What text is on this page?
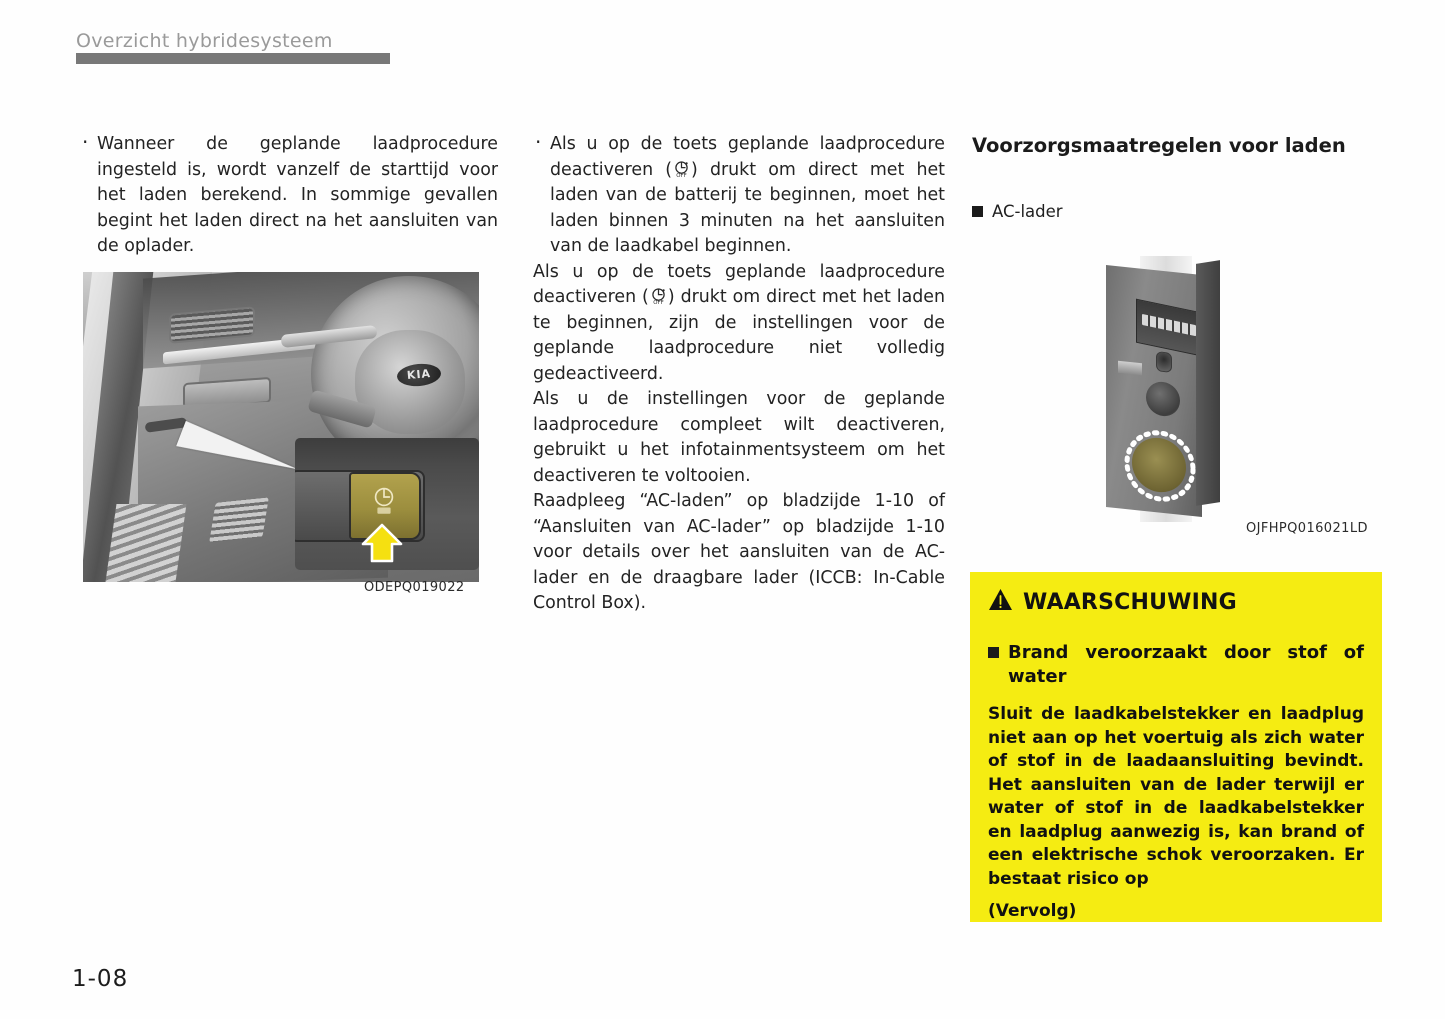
Overzicht hybridesysteem

· Wanneer de geplande laadprocedure ingesteld is, wordt vanzelf de starttijd voor het laden berekend. In sommige gevallen begint het laden direct na het aansluiten van de oplader.

KIA
ODEPQ019022

· Als u op de toets geplande laadprocedure deactiveren ( OFF ) drukt om direct met het laden van de batterij te beginnen, moet het laden binnen 3 minuten na het aansluiten van de laadkabel beginnen.

Als u op de toets geplande laadprocedure deactiveren ( OFF ) drukt om direct met het laden te beginnen, zijn de instellingen voor de geplande laadprocedure niet volledig gedeactiveerd.

Als u de instellingen voor de geplande laadprocedure compleet wilt deactiveren, gebruikt u het infotainmentsysteem om het deactiveren te voltooien.

Raadpleeg “AC-laden” op bladzijde 1-10 of “Aansluiten van AC-lader” op bladzijde 1-10 voor details over het aansluiten van de AC-lader en de draagbare lader (ICCB: In-Cable Control Box).

Voorzorgsmaatregelen voor laden
AC-lader
OJFHPQ016021LD
WAARSCHUWING
Brand veroorzaakt door stof of water
Sluit de laadkabelstekker en laadplug niet aan op het voertuig als zich water of stof in de laadaansluiting bevindt. Het aansluiten van de lader terwijl er water of stof in de laadkabelstekker en laadplug aanwezig is, kan brand of een elektrische schok veroorzaken. Er bestaat risico op
(Vervolg)
1-08
